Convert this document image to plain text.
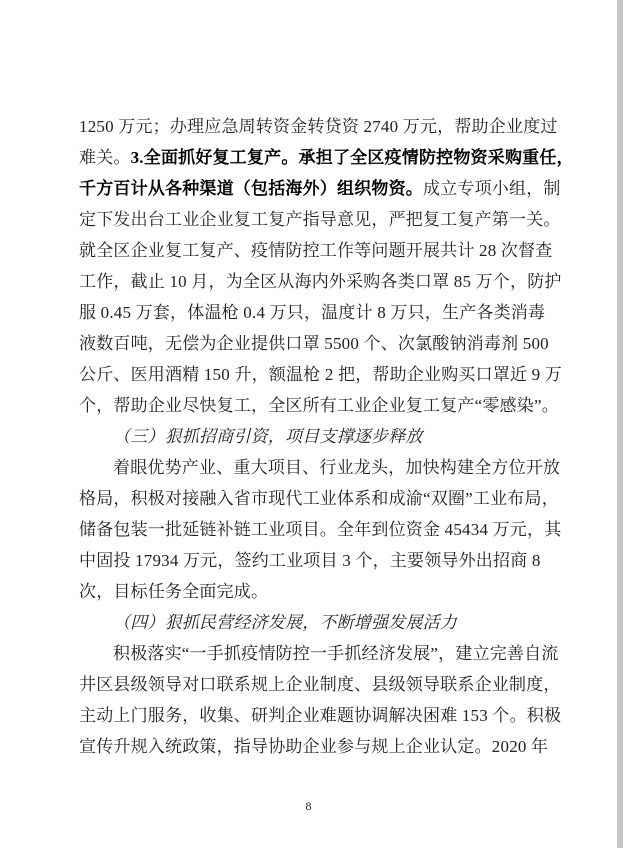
1250 万元；办理应急周转资金转贷资 2740 万元，帮助企业度过
难关。3.全面抓好复工复产。承担了全区疫情防控物资采购重任，
千方百计从各种渠道（包括海外）组织物资。成立专项小组，制
定下发出台工业企业复工复产指导意见，严把复工复产第一关。
就全区企业复工复产、疫情防控工作等问题开展共计 28 次督查
工作，截止 10 月，为全区从海内外采购各类口罩 85 万个，防护
服 0.45 万套，体温枪 0.4 万只，温度计 8 万只，生产各类消毒
液数百吨，无偿为企业提供口罩 5500 个、次氯酸钠消毒剂 500
公斤、医用酒精 150 升，额温枪 2 把，帮助企业购买口罩近 9 万
个，帮助企业尽快复工，全区所有工业企业复工复产“零感染”。
（三）狠抓招商引资，项目支撑逐步释放
着眼优势产业、重大项目、行业龙头，加快构建全方位开放
格局，积极对接融入省市现代工业体系和成渝“双圈”工业布局，
储备包装一批延链补链工业项目。全年到位资金 45434 万元，其
中固投 17934 万元，签约工业项目 3 个，主要领导外出招商 8
次，目标任务全面完成。
（四）狠抓民营经济发展，不断增强发展活力
积极落实“一手抓疫情防控一手抓经济发展”，建立完善自流
井区县级领导对口联系规上企业制度、县级领导联系企业制度，
主动上门服务，收集、研判企业难题协调解决困难 153 个。积极
宣传升规入统政策，指导协助企业参与规上企业认定。2020 年
8
